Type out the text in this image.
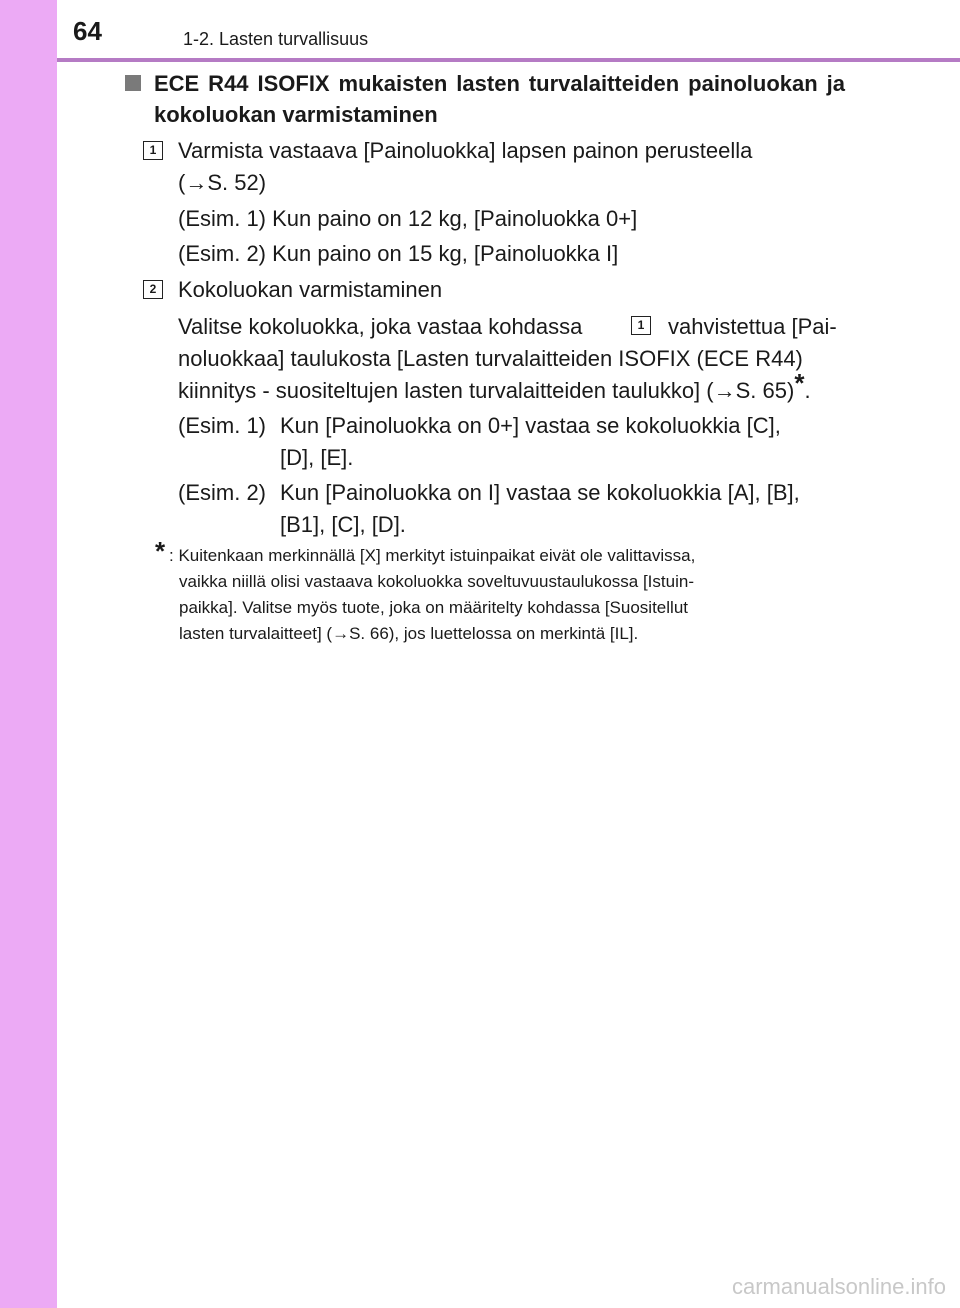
64	1-2. Lasten turvallisuus
ECE R44 ISOFIX mukaisten lasten turvalaitteiden painoluokan ja kokoluokan varmistaminen
1 Varmista vastaava [Painoluokka] lapsen painon perusteella
(→S. 52)
(Esim. 1) Kun paino on 12 kg, [Painoluokka 0+]
(Esim. 2) Kun paino on 15 kg, [Painoluokka I]
2 Kokoluokan varmistaminen
Valitse kokoluokka, joka vastaa kohdassa	1	vahvistettua [Pai-
noluokkaa] taulukosta [Lasten turvalaitteiden ISOFIX (ECE R44)
kiinnitys - suositeltujen lasten turvalaitteiden taulukko] (→S. 65)*.
(Esim. 1) Kun [Painoluokka on 0+] vastaa se kokoluokkia [C],
[D], [E].
(Esim. 2) Kun [Painoluokka on I] vastaa se kokoluokkia [A], [B],
[B1], [C], [D].
* : Kuitenkaan merkinnällä [X] merkityt istuinpaikat eivät ole valittavissa,
vaikka niillä olisi vastaava kokoluokka soveltuvuustaulukossa [Istuin-
paikka]. Valitse myös tuote, joka on määritelty kohdassa [Suositellut
lasten turvalaitteet] (→S. 66), jos luettelossa on merkintä [IL].
carmanualsonline.info
